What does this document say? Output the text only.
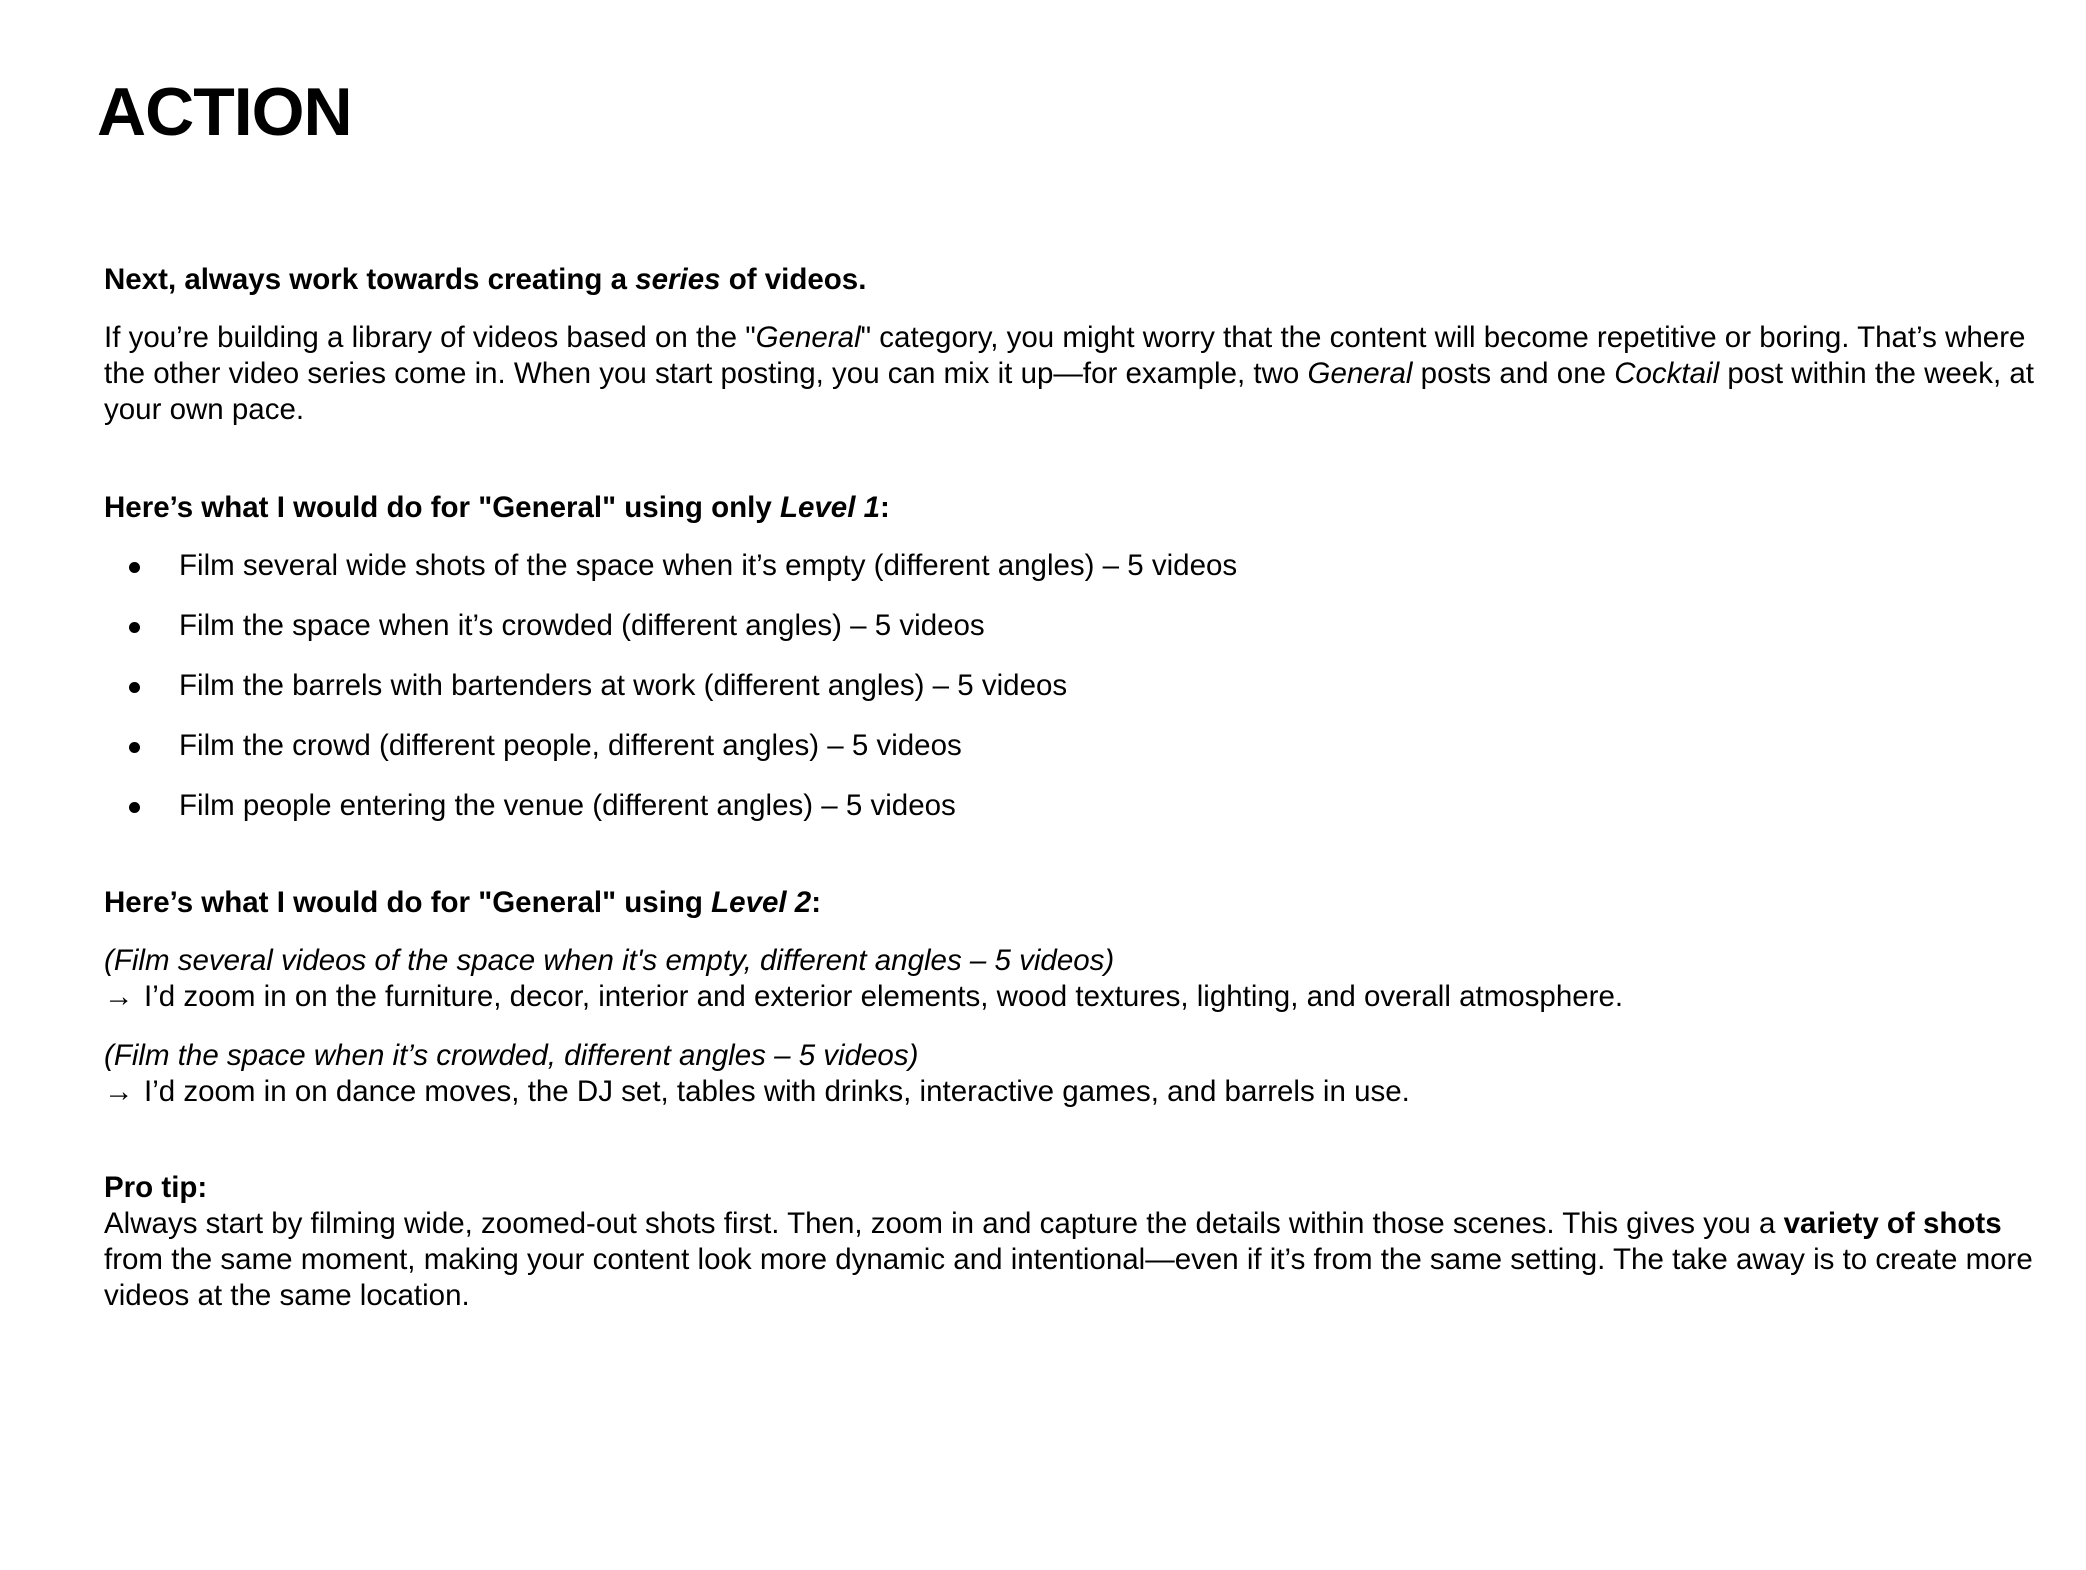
ACTION

Next, always work towards creating a series of videos.

If you’re building a library of videos based on the "General" category, you might worry that the content will become repetitive or boring. That’s where the other video series come in. When you start posting, you can mix it up—for example, two General posts and one Cocktail post within the week, at your own pace.

Here’s what I would do for "General" using only Level 1:

Film several wide shots of the space when it’s empty (different angles) – 5 videos
Film the space when it’s crowded (different angles) – 5 videos
Film the barrels with bartenders at work (different angles) – 5 videos
Film the crowd (different people, different angles) – 5 videos
Film people entering the venue (different angles) – 5 videos

Here’s what I would do for "General" using Level 2:

(Film several videos of the space when it's empty, different angles – 5 videos)

→ I’d zoom in on the furniture, decor, interior and exterior elements, wood textures, lighting, and overall atmosphere.

(Film the space when it’s crowded, different angles – 5 videos)

→ I’d zoom in on dance moves, the DJ set, tables with drinks, interactive games, and barrels in use.

Pro tip:

Always start by filming wide, zoomed-out shots first. Then, zoom in and capture the details within those scenes. This gives you a variety of shots from the same moment, making your content look more dynamic and intentional—even if it’s from the same setting. The take away is to create more videos at the same location.
